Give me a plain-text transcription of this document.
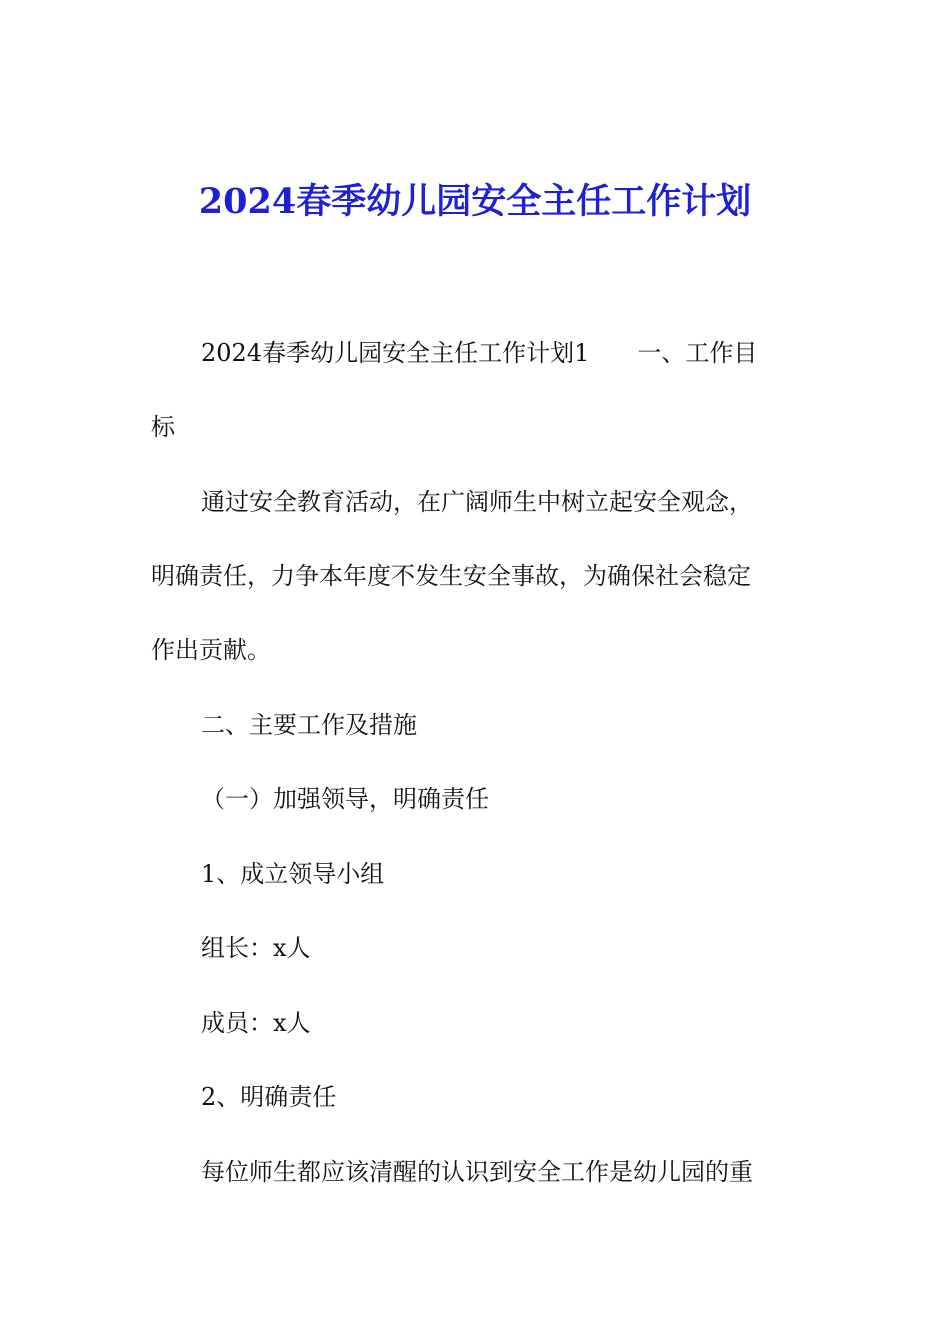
2024春季幼儿园安全主任工作计划
2024春季幼儿园安全主任工作计划1 一、工作目
标
通过安全教育活动，在广阔师生中树立起安全观念，
明确责任，力争本年度不发生安全事故，为确保社会稳定
作出贡献。
二、主要工作及措施
（一）加强领导，明确责任
1、成立领导小组
组长：x人
成员：x人
2、明确责任
每位师生都应该清醒的认识到安全工作是幼儿园的重
